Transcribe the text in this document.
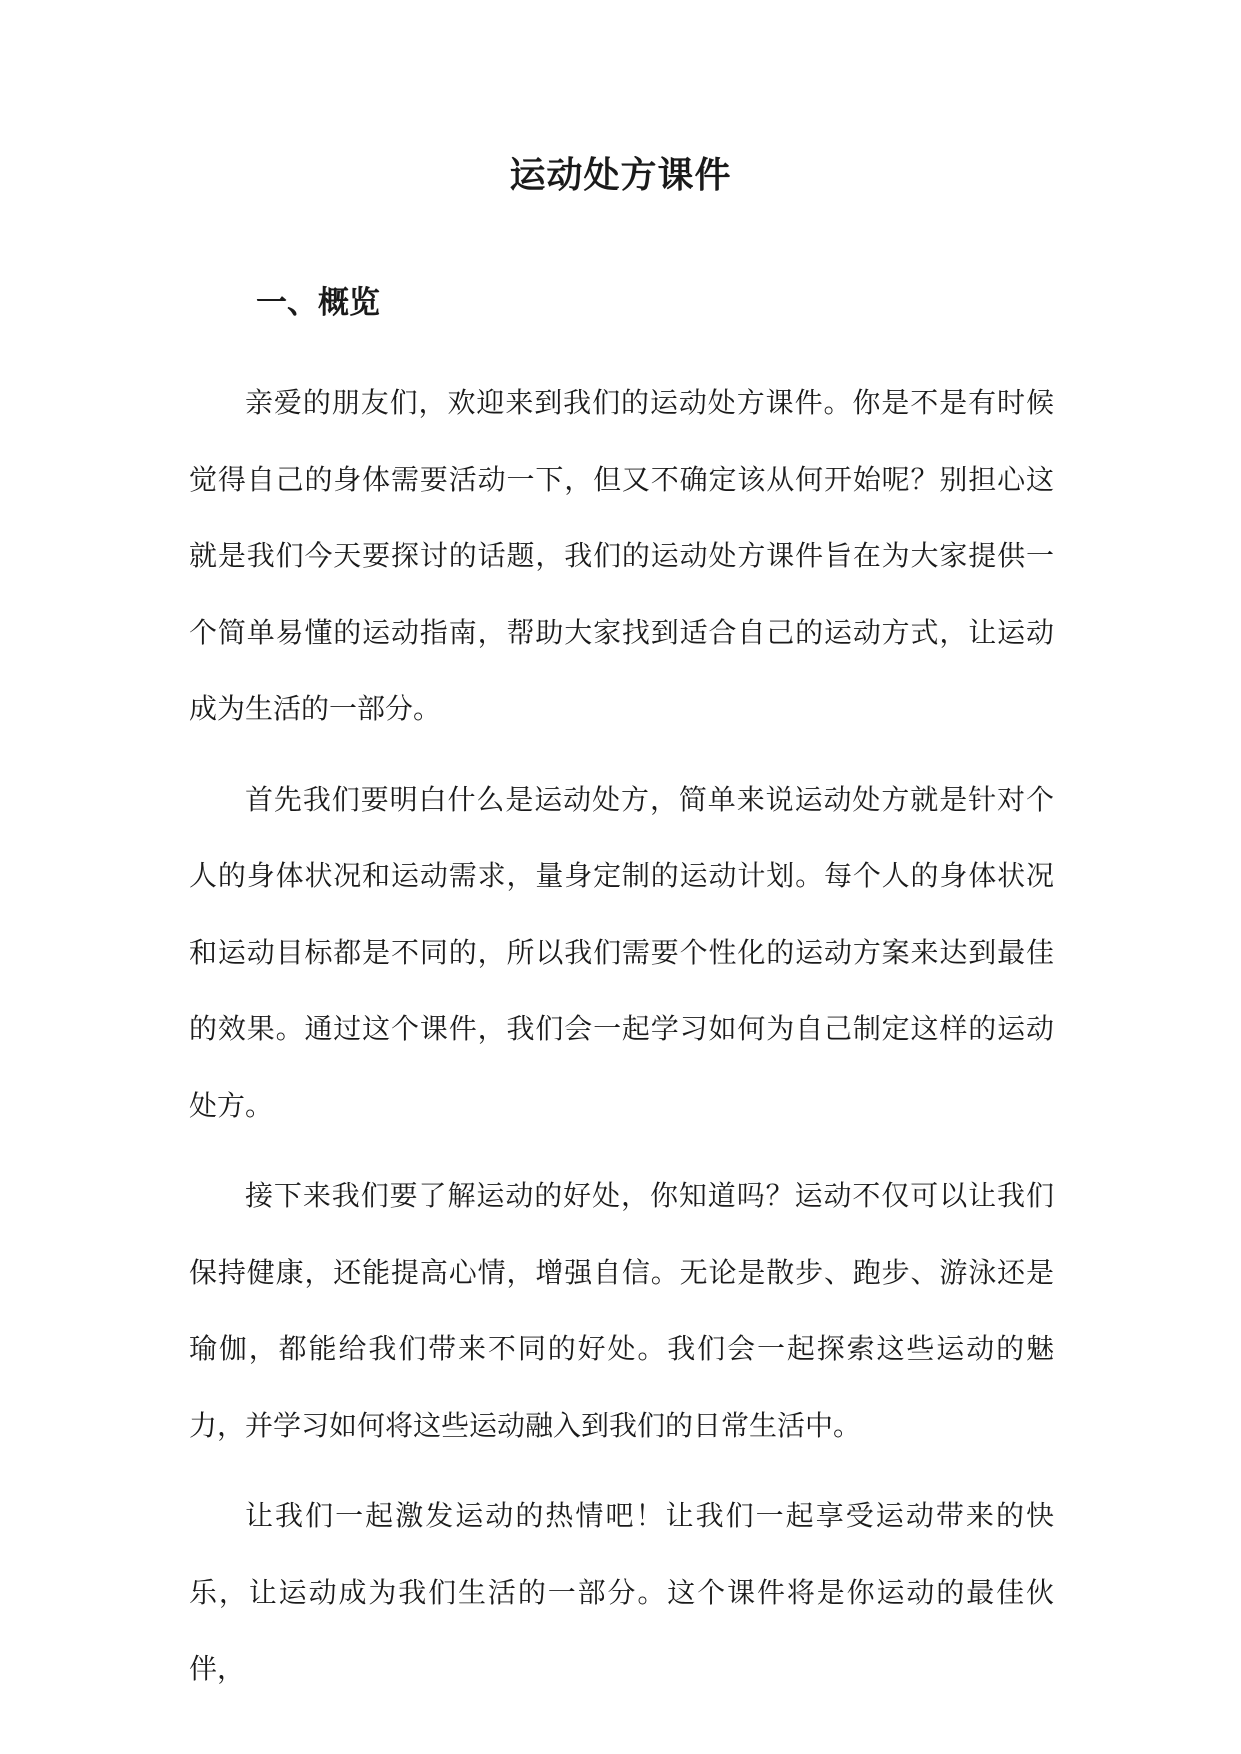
运动处方课件
一、概览

亲爱的朋友们，欢迎来到我们的运动处方课件。你是不是有时候觉得自己的身体需要活动一下，但又不确定该从何开始呢？别担心这就是我们今天要探讨的话题，我们的运动处方课件旨在为大家提供一个简单易懂的运动指南，帮助大家找到适合自己的运动方式，让运动成为生活的一部分。

首先我们要明白什么是运动处方，简单来说运动处方就是针对个人的身体状况和运动需求，量身定制的运动计划。每个人的身体状况和运动目标都是不同的，所以我们需要个性化的运动方案来达到最佳的效果。通过这个课件，我们会一起学习如何为自己制定这样的运动处方。

接下来我们要了解运动的好处，你知道吗？运动不仅可以让我们保持健康，还能提高心情，增强自信。无论是散步、跑步、游泳还是瑜伽，都能给我们带来不同的好处。我们会一起探索这些运动的魅力，并学习如何将这些运动融入到我们的日常生活中。

让我们一起激发运动的热情吧！让我们一起享受运动带来的快乐，让运动成为我们生活的一部分。这个课件将是你运动的最佳伙伴，
